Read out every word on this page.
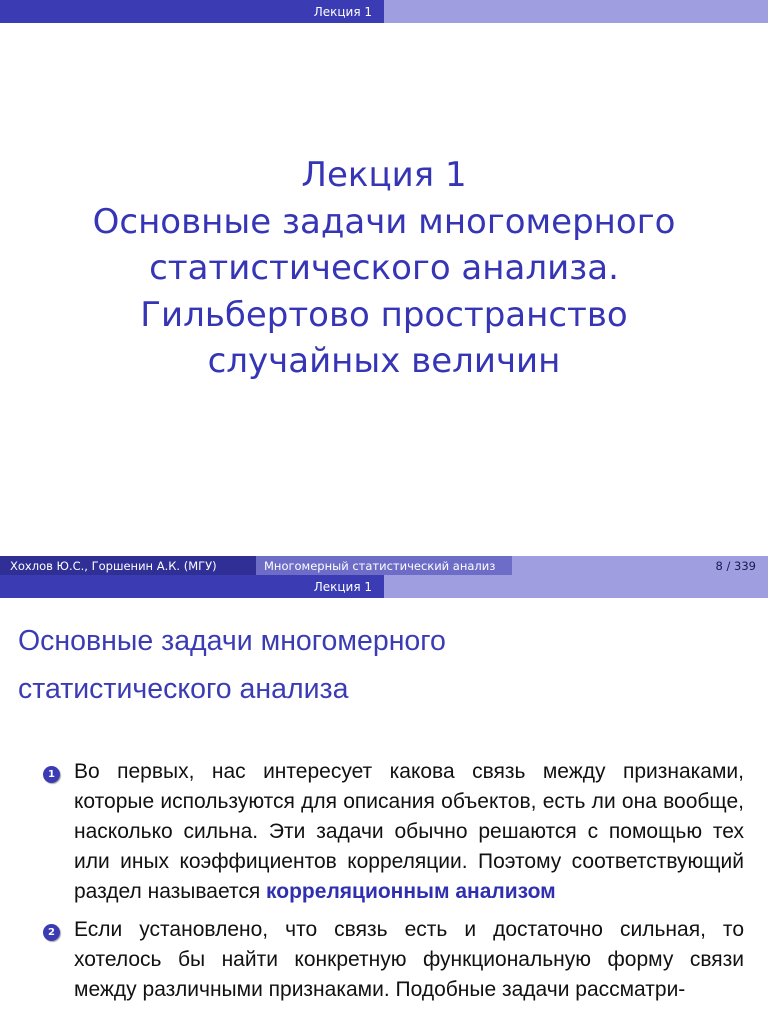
Лекция 1
Лекция 1
Основные задачи многомерного
статистического анализа.
Гильбертово пространство
случайных величин
Хохлов Ю.С., Горшенин А.К. (МГУ)	Многомерный статистический анализ	8 / 339
Лекция 1
Основные задачи многомерного
статистического анализа
1 Во первых, нас интересует какова связь между признаками, которые используются для описания объектов, есть ли она вообще, насколько сильна. Эти задачи обычно решаются с помощью тех или иных коэффициентов корреляции. Поэтому соответствующий раздел называется корреляционным анализом
2 Если установлено, что связь есть и достаточно сильная, то хотелось бы найти конкретную функциональную форму связи между различными признаками. Подобные задачи рассматри-
